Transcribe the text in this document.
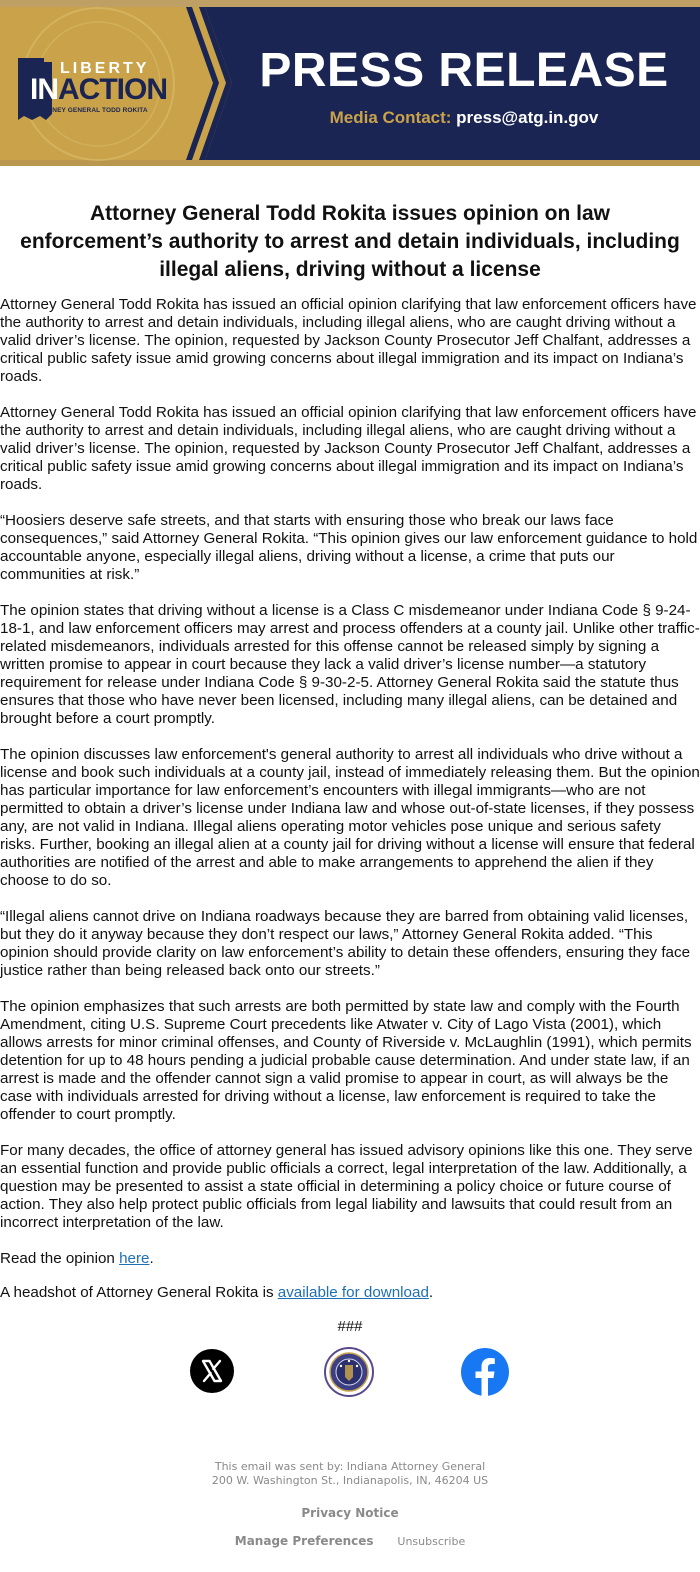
LIBERTY
INACTION
ATTORNEY GENERAL TODD ROKITA
PRESS RELEASE
Media Contact: press@atg.in.gov
Attorney General Todd Rokita issues opinion on law enforcement’s authority to arrest and detain individuals, including illegal aliens, driving without a license

Attorney General Todd Rokita has issued an official opinion clarifying that law enforcement officers have the authority to arrest and detain individuals, including illegal aliens, who are caught driving without a valid driver’s license. The opinion, requested by Jackson County Prosecutor Jeff Chalfant, addresses a critical public safety issue amid growing concerns about illegal immigration and its impact on Indiana’s roads.

Attorney General Todd Rokita has issued an official opinion clarifying that law enforcement officers have the authority to arrest and detain individuals, including illegal aliens, who are caught driving without a valid driver’s license. The opinion, requested by Jackson County Prosecutor Jeff Chalfant, addresses a critical public safety issue amid growing concerns about illegal immigration and its impact on Indiana’s roads.

“Hoosiers deserve safe streets, and that starts with ensuring those who break our laws face consequences,” said Attorney General Rokita. “This opinion gives our law enforcement guidance to hold accountable anyone, especially illegal aliens, driving without a license, a crime that puts our communities at risk.”

The opinion states that driving without a license is a Class C misdemeanor under Indiana Code § 9-24-18-1, and law enforcement officers may arrest and process offenders at a county jail. Unlike other traffic-related misdemeanors, individuals arrested for this offense cannot be released simply by signing a written promise to appear in court because they lack a valid driver’s license number—a statutory requirement for release under Indiana Code § 9-30-2-5. Attorney General Rokita said the statute thus ensures that those who have never been licensed, including many illegal aliens, can be detained and brought before a court promptly.

The opinion discusses law enforcement's general authority to arrest all individuals who drive without a license and book such individuals at a county jail, instead of immediately releasing them. But the opinion has particular importance for law enforcement’s encounters with illegal immigrants—who are not permitted to obtain a driver’s license under Indiana law and whose out-of-state licenses, if they possess any, are not valid in Indiana. Illegal aliens operating motor vehicles pose unique and serious safety risks. Further, booking an illegal alien at a county jail for driving without a license will ensure that federal authorities are notified of the arrest and able to make arrangements to apprehend the alien if they choose to do so.

“Illegal aliens cannot drive on Indiana roadways because they are barred from obtaining valid licenses, but they do it anyway because they don’t respect our laws,” Attorney General Rokita added. “This opinion should provide clarity on law enforcement’s ability to detain these offenders, ensuring they face justice rather than being released back onto our streets.”

The opinion emphasizes that such arrests are both permitted by state law and comply with the Fourth Amendment, citing U.S. Supreme Court precedents like Atwater v. City of Lago Vista (2001), which allows arrests for minor criminal offenses, and County of Riverside v. McLaughlin (1991), which permits detention for up to 48 hours pending a judicial probable cause determination. And under state law, if an arrest is made and the offender cannot sign a valid promise to appear in court, as will always be the case with individuals arrested for driving without a license, law enforcement is required to take the offender to court promptly.

For many decades, the office of attorney general has issued advisory opinions like this one. They serve an essential function and provide public officials a correct, legal interpretation of the law. Additionally, a question may be presented to assist a state official in determining a policy choice or future course of action. They also help protect public officials from legal liability and lawsuits that could result from an incorrect interpretation of the law.

Read the opinion here.

A headshot of Attorney General Rokita is available for download.

###
This email was sent by: Indiana Attorney General
200 W. Washington St., Indianapolis, IN, 46204 US
Privacy Notice
Manage Preferences Unsubscribe
